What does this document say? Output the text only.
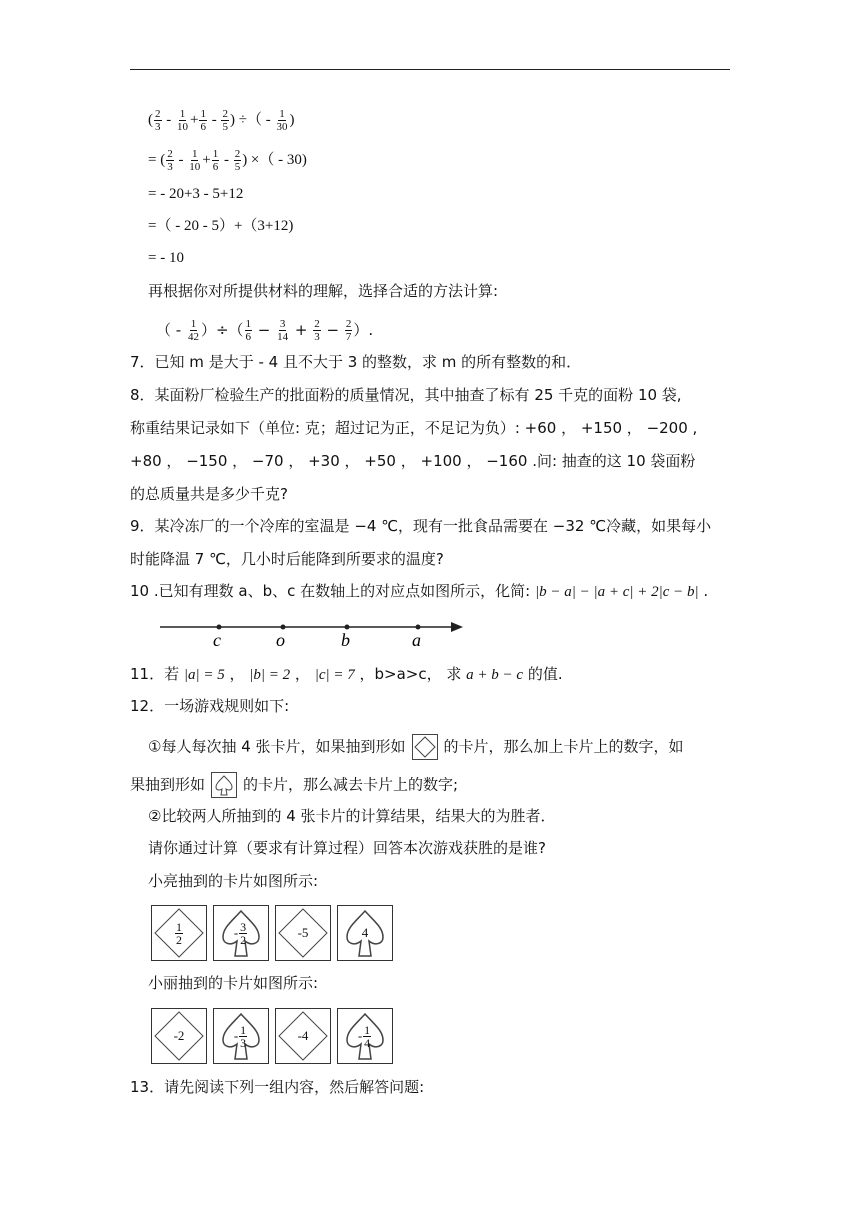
( $\frac{2}{3} - \frac{1}{10} + \frac{1}{6} - \frac{2}{5}$ ) ÷（ - $\frac{1}{30}$ )
= ( $\frac{2}{3} - \frac{1}{10} + \frac{1}{6} - \frac{2}{5}$ ) ×（ - 30)
= - 20+3 - 5+12
=（ - 20 - 5）+（3+12)
= - 10
再根据你对所提供材料的理解，选择合适的方法计算:
（ - $\frac{1}{42}$ ）÷（ $\frac{1}{6} - \frac{3}{14} + \frac{2}{3} - \frac{2}{7}$ ）.
7．已知 m 是大于 - 4 且不大于 3 的整数，求 m 的所有整数的和．
8．某面粉厂检验生产的批面粉的质量情况，其中抽查了标有 25 千克的面粉 10 袋,
称重结果记录如下（单位: 克；超过记为正，不足记为负）: +60 ， +150 ， −200 ,
+80 ， −150 ， −70 ， +30 ， +50 ， +100 ， −160 .问: 抽查的这 10 袋面粉
的总质量共是多少千克?
9．某冷冻厂的一个冷库的室温是 −4 ℃，现有一批食品需要在 −32 ℃冷藏，如果每小
时能降温 7 ℃，几小时后能降到所要求的温度?
10 .已知有理数 a、b、c 在数轴上的对应点如图所示，化简: |b − a| − |a + c| + 2|c − b| .
c	o	b	a
11．若 |a| = 5 ， |b| = 2 ， |c| = 7 ，b>a>c， 求 a + b − c 的值.
12．一场游戏规则如下:
①每人每次抽 4 张卡片，如果抽到形如	的卡片，那么加上卡片上的数字，如
果抽到形如	的卡片，那么减去卡片上的数字;
②比较两人所抽到的 4 张卡片的计算结果，结果大的为胜者．
请你通过计算（要求有计算过程）回答本次游戏获胜的是谁?
小亮抽到的卡片如图所示:
1
2	- 3
2	-5	4
小丽抽到的卡片如图所示:
-2	- 1
3	-4	- 1
4
13．请先阅读下列一组内容，然后解答问题:
